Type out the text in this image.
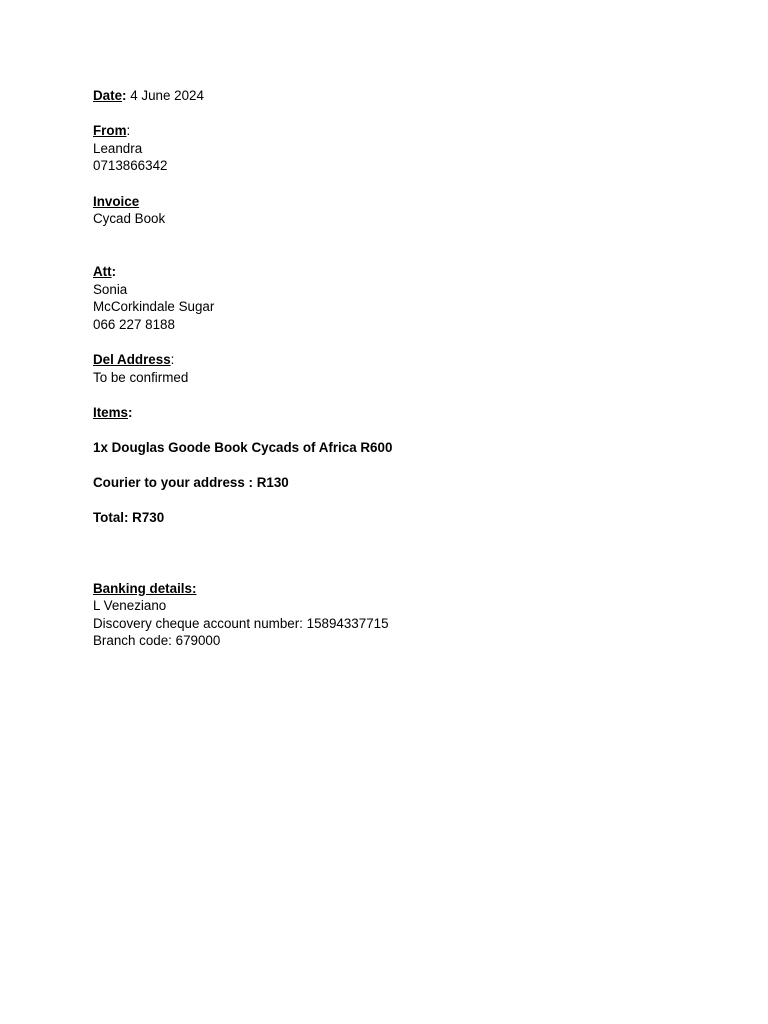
Date: 4 June 2024
From:
Leandra
0713866342
Invoice
Cycad Book
Att:
Sonia
McCorkindale Sugar
066 227 8188
Del Address:
To be confirmed
Items:
1x Douglas Goode Book Cycads of Africa R600
Courier to your address : R130
Total: R730
Banking details:
L Veneziano
Discovery cheque account number: 15894337715
Branch code: 679000
